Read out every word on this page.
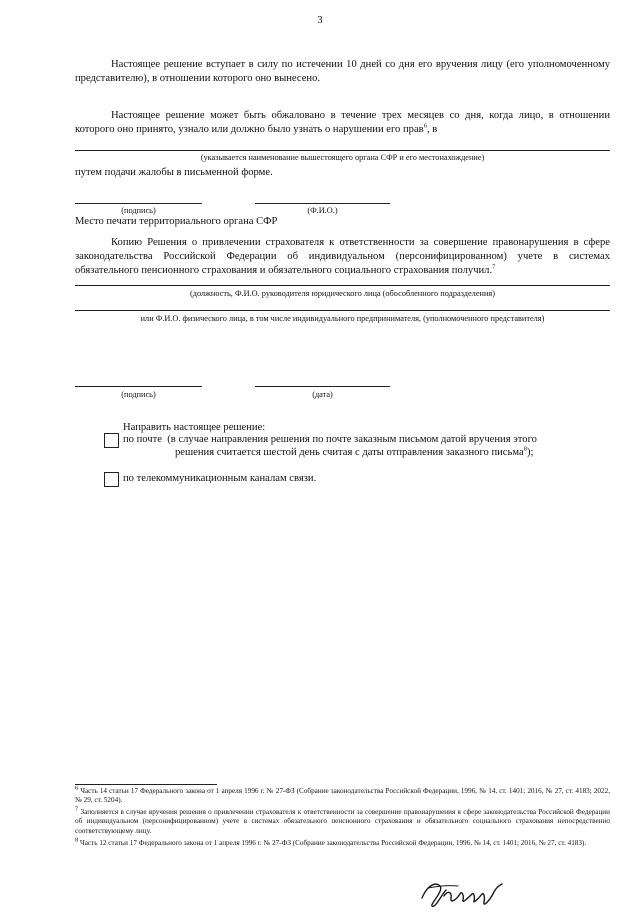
3
Настоящее решение вступает в силу по истечении 10 дней со дня его вручения лицу (его уполномоченному представителю), в отношении которого оно вынесено.
Настоящее решение может быть обжаловано в течение трех месяцев со дня, когда лицо, в отношении которого оно принято, узнало или должно было узнать о нарушении его прав$^6$, в
(указывается наименование вышестоящего органа СФР и его местонахождение)
путем подачи жалобы в письменной форме.
(подпись)	(Ф.И.О.)
Место печати территориального органа СФР
Копию Решения о привлечении страхователя к ответственности за совершение правонарушения в сфере законодательства Российской Федерации об индивидуальном (персонифицированном) учете в системах обязательного пенсионного страхования и обязательного социального страхования получил.$^7$
(должность, Ф.И.О. руководителя юридического лица (обособленного подразделения)
или Ф.И.О. физического лица, в том числе индивидуального предпринимателя, (уполномоченного представителя)
(подпись)	(дата)
Направить настоящее решение:
по почте (в случае направления решения по почте заказным письмом датой вручения этого
решения считается шестой день считая с даты отправления заказного письма$^8$);
по телекоммуникационным каналам связи.
$^6$ Часть 14 статьи 17 Федерального закона от 1 апреля 1996 г. № 27-ФЗ (Собрание законодательства Российской Федерации, 1996, № 14, ст. 1401; 2016, № 27, ст. 4183; 2022, № 29, ст. 5204).
$^7$ Заполняется в случае вручения решения о привлечении страхователя к ответственности за совершение правонарушения в сфере законодательства Российской Федерации об индивидуальном (персонифицированном) учете в системах обязательного пенсионного страхования и обязательного социального страхования непосредственно соответствующему лицу.
$^8$ Часть 12 статьи 17 Федерального закона от 1 апреля 1996 г. № 27-ФЗ (Собрание законодательства Российской Федерации, 1996, № 14, ст. 1401; 2016, № 27, ст. 4183).
